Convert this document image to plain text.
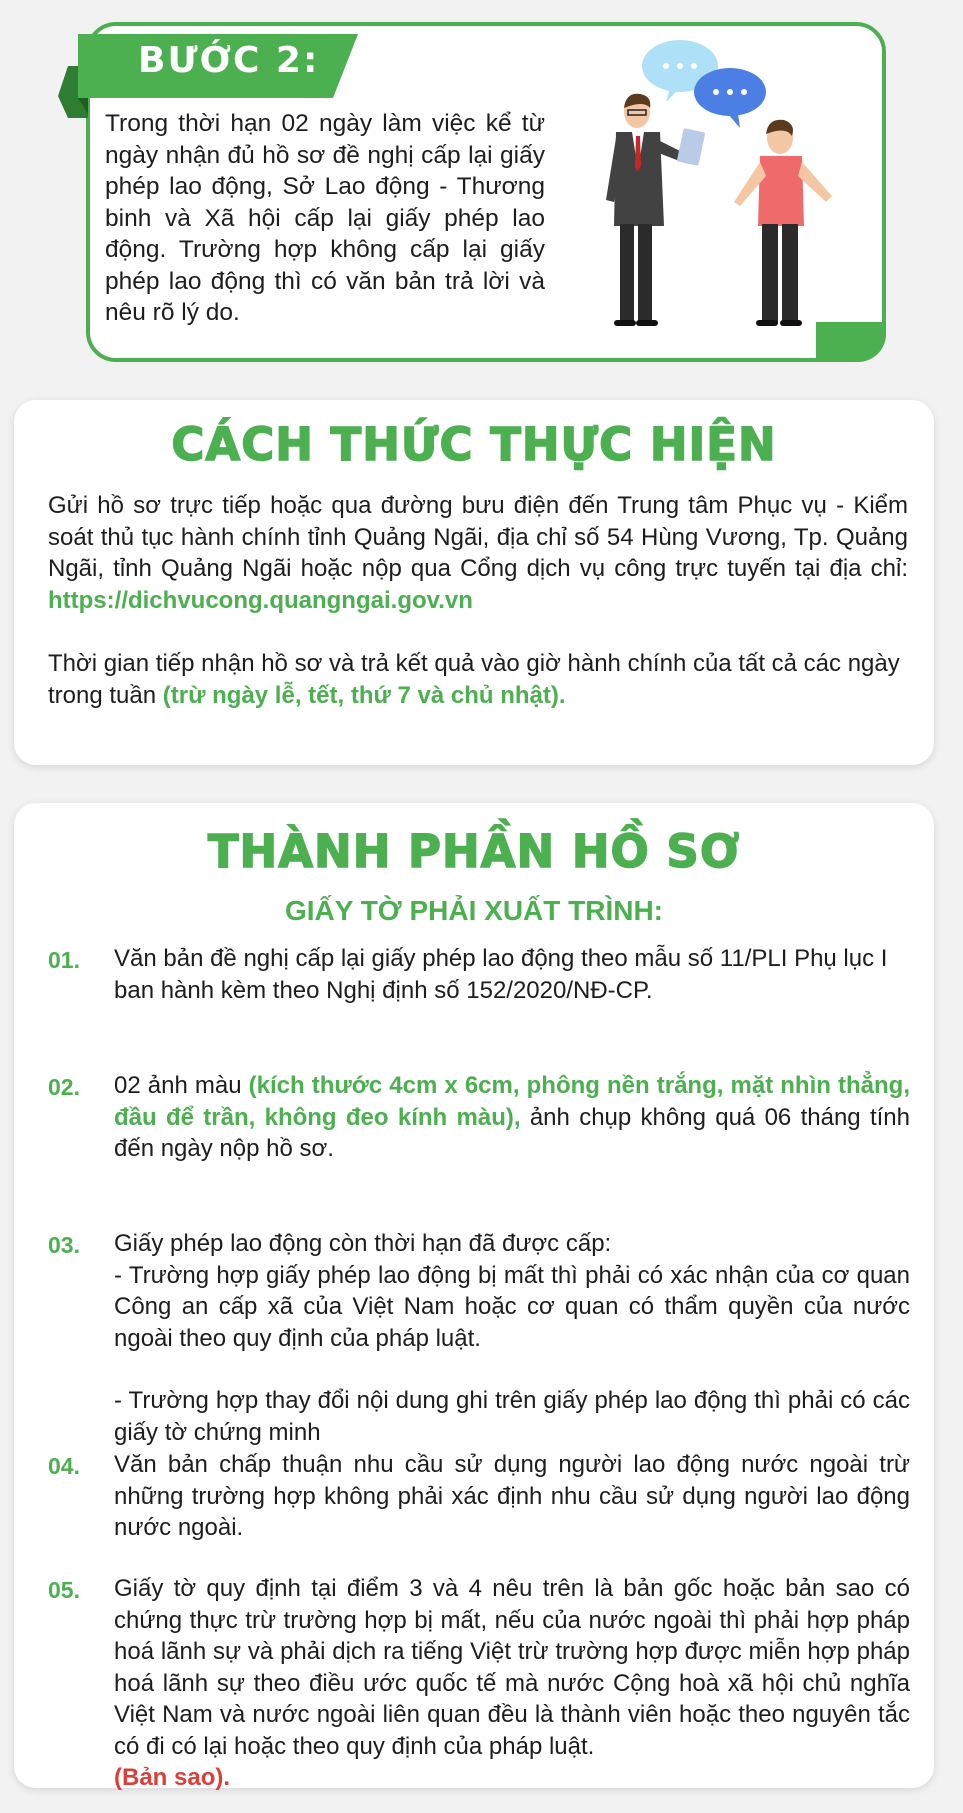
BƯỚC 2:
Trong thời hạn 02 ngày làm việc kể từ ngày nhận đủ hồ sơ đề nghị cấp lại giấy phép lao động, Sở Lao động - Thương binh và Xã hội cấp lại giấy phép lao động. Trường hợp không cấp lại giấy phép lao động thì có văn bản trả lời và nêu rõ lý do.
CÁCH THỨC THỰC HIỆN
Gửi hồ sơ trực tiếp hoặc qua đường bưu điện đến Trung tâm Phục vụ - Kiểm soát thủ tục hành chính tỉnh Quảng Ngãi, địa chỉ số 54 Hùng Vương, Tp. Quảng Ngãi, tỉnh Quảng Ngãi hoặc nộp qua Cổng dịch vụ công trực tuyến tại địa chỉ: https://dichvucong.quangngai.gov.vn
Thời gian tiếp nhận hồ sơ và trả kết quả vào giờ hành chính của tất cả các ngày trong tuần (trừ ngày lễ, tết, thứ 7 và chủ nhật).
THÀNH PHẦN HỒ SƠ
GIẤY TỜ PHẢI XUẤT TRÌNH:
01.	Văn bản đề nghị cấp lại giấy phép lao động theo mẫu số 11/PLI Phụ lục I ban hành kèm theo Nghị định số 152/2020/NĐ-CP.
02.	02 ảnh màu (kích thước 4cm x 6cm, phông nền trắng, mặt nhìn thẳng, đầu để trần, không đeo kính màu), ảnh chụp không quá 06 tháng tính đến ngày nộp hồ sơ.
03.	Giấy phép lao động còn thời hạn đã được cấp:
- Trường hợp giấy phép lao động bị mất thì phải có xác nhận của cơ quan Công an cấp xã của Việt Nam hoặc cơ quan có thẩm quyền của nước ngoài theo quy định của pháp luật.
- Trường hợp thay đổi nội dung ghi trên giấy phép lao động thì phải có các giấy tờ chứng minh
04.	Văn bản chấp thuận nhu cầu sử dụng người lao động nước ngoài trừ những trường hợp không phải xác định nhu cầu sử dụng người lao động nước ngoài.
05.	Giấy tờ quy định tại điểm 3 và 4 nêu trên là bản gốc hoặc bản sao có chứng thực trừ trường hợp bị mất, nếu của nước ngoài thì phải hợp pháp hoá lãnh sự và phải dịch ra tiếng Việt trừ trường hợp được miễn hợp pháp hoá lãnh sự theo điều ước quốc tế mà nước Cộng hoà xã hội chủ nghĩa Việt Nam và nước ngoài liên quan đều là thành viên hoặc theo nguyên tắc có đi có lại hoặc theo quy định của pháp luật.
(Bản sao).
